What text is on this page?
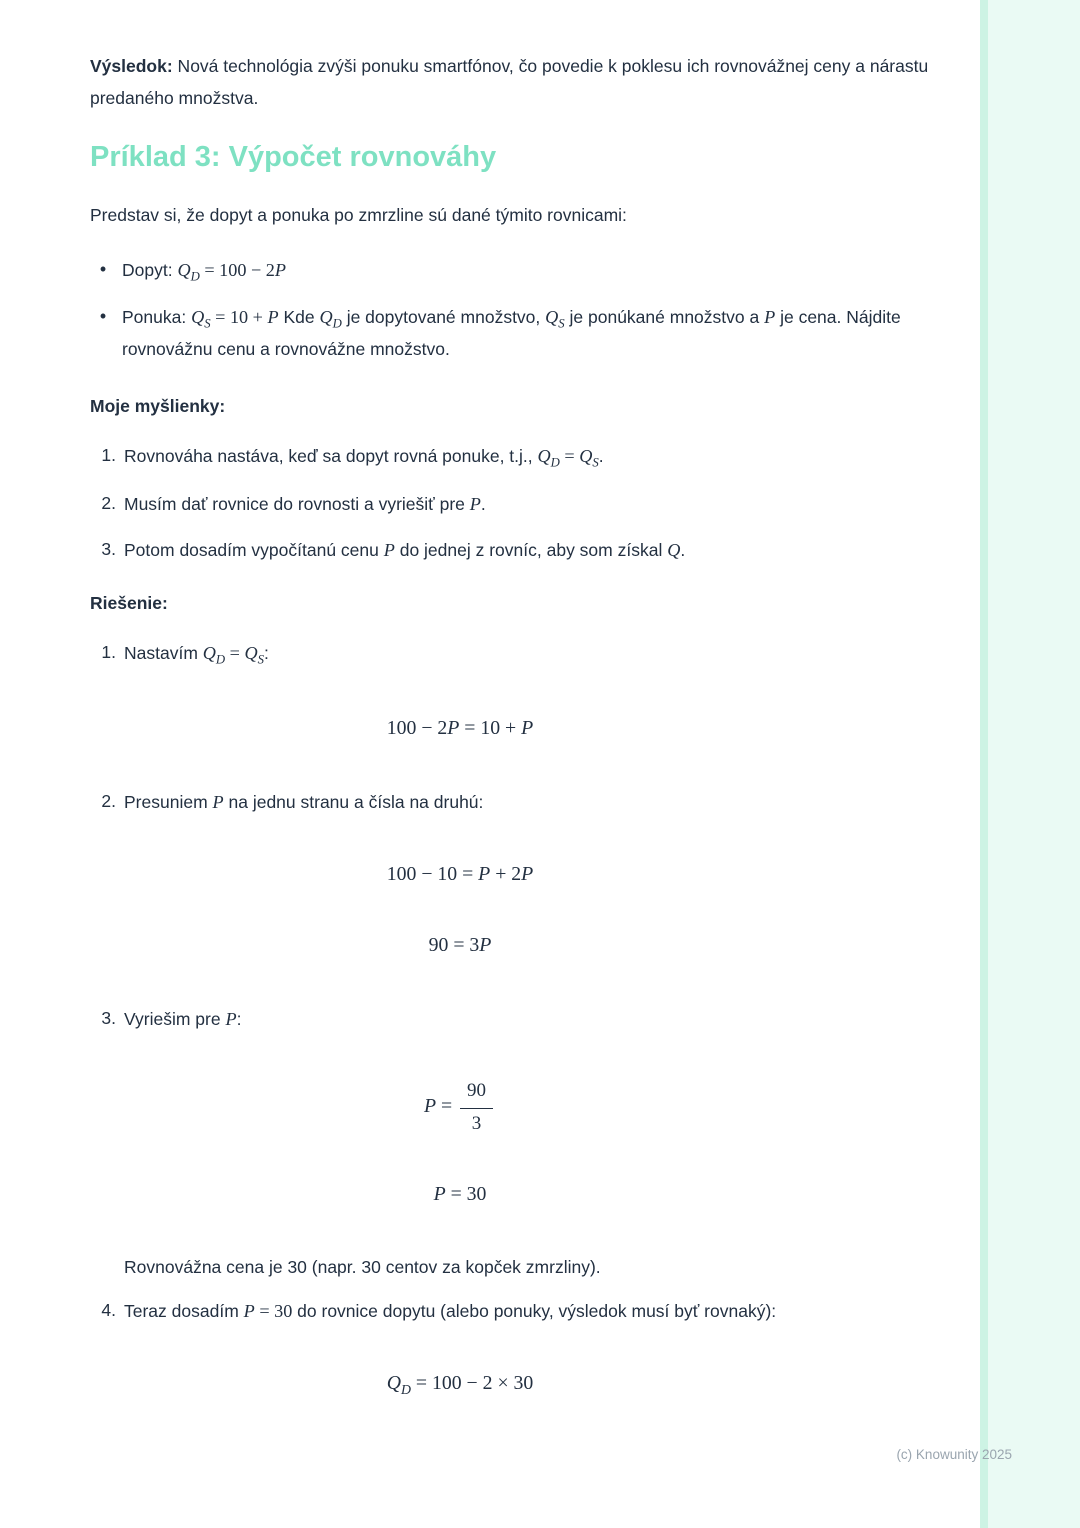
Výsledok: Nová technológia zvýši ponuku smartfónov, čo povedie k poklesu ich rovnovážnej ceny a nárastu predaného množstva.

Príklad 3: Výpočet rovnováhy

Predstav si, že dopyt a ponuka po zmrzline sú dané týmito rovnicami:

• Dopyt: $Q_D = 100 - 2P$
• Ponuka: $Q_S = 10 + P$ Kde $Q_D$ je dopytované množstvo, $Q_S$ je ponúkané množstvo a P je cena. Nájdite rovnovážnu cenu a rovnovážne množstvo.

Moje myšlienky:

1. Rovnováha nastáva, keď sa dopyt rovná ponuke, t.j., $Q_D = Q_S$.
2. Musím dať rovnice do rovnosti a vyriešiť pre P.
3. Potom dosadím vypočítanú cenu P do jednej z rovníc, aby som získal Q.

Riešenie:

1. Nastavím $Q_D = Q_S$:
100 − 2P = 10 + P
2. Presuniem P na jednu stranu a čísla na druhú:
100 − 10 = P + 2P
90 = 3P
3. Vyriešim pre P:
$P = \frac{90}{3}$
P = 30

Rovnovážna cena je 30 (napr. 30 centov za kopček zmrzliny).

4. Teraz dosadím P = 30 do rovnice dopytu (alebo ponuky, výsledok musí byť rovnaký):
$Q_D = 100 - 2 \times 30$
(c) Knowunity 2025
